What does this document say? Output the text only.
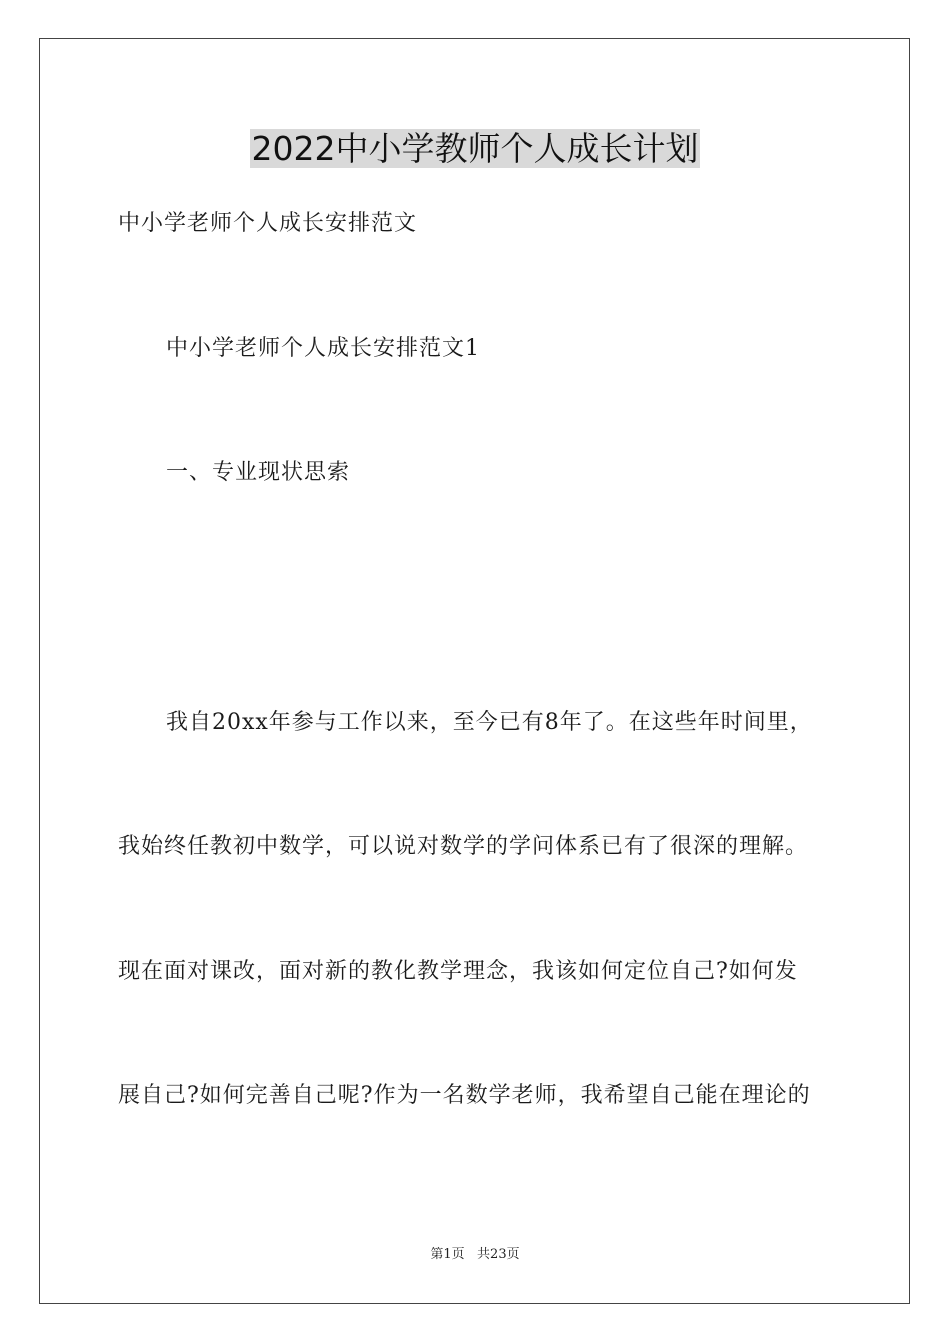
2022中小学教师个人成长计划
中小学老师个人成长安排范文
中小学老师个人成长安排范文1
一、专业现状思索
我自20xx年参与工作以来，至今已有8年了。在这些年时间里，
我始终任教初中数学，可以说对数学的学问体系已有了很深的理解。
现在面对课改，面对新的教化教学理念，我该如何定位自己?如何发
展自己?如何完善自己呢?作为一名数学老师，我希望自己能在理论的
第1页   共23页
